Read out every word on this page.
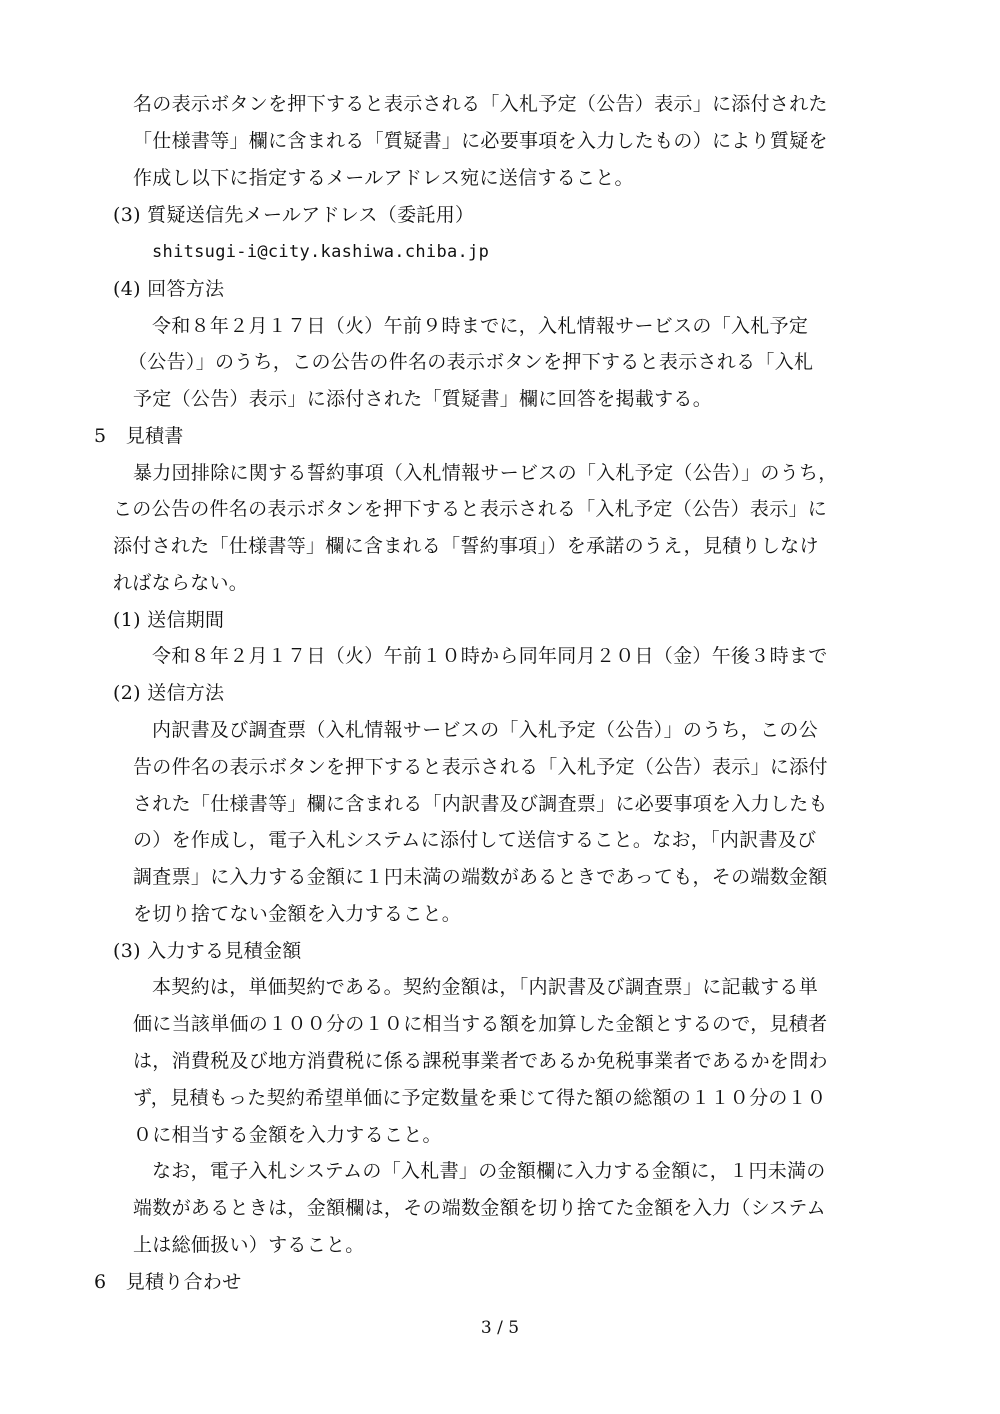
名の表示ボタンを押下すると表示される「入札予定（公告）表示」に添付された
「仕様書等」欄に含まれる「質疑書」に必要事項を入力したもの）により質疑を
作成し以下に指定するメールアドレス宛に送信すること。
(3) 質疑送信先メールアドレス（委託用）
shitsugi-i@city.kashiwa.chiba.jp
(4) 回答方法
令和８年２月１７日（火）午前９時までに，入札情報サービスの「入札予定
（公告）」のうち，この公告の件名の表示ボタンを押下すると表示される「入札
予定（公告）表示」に添付された「質疑書」欄に回答を掲載する。
5　見積書
暴力団排除に関する誓約事項（入札情報サービスの「入札予定（公告）」のうち，
この公告の件名の表示ボタンを押下すると表示される「入札予定（公告）表示」に
添付された「仕様書等」欄に含まれる「誓約事項」）を承諾のうえ，見積りしなけ
ればならない。
(1) 送信期間
令和８年２月１７日（火）午前１０時から同年同月２０日（金）午後３時まで
(2) 送信方法
内訳書及び調査票（入札情報サービスの「入札予定（公告）」のうち，この公
告の件名の表示ボタンを押下すると表示される「入札予定（公告）表示」に添付
された「仕様書等」欄に含まれる「内訳書及び調査票」に必要事項を入力したも
の）を作成し，電子入札システムに添付して送信すること。なお，「内訳書及び
調査票」に入力する金額に１円未満の端数があるときであっても，その端数金額
を切り捨てない金額を入力すること。
(3) 入力する見積金額
本契約は，単価契約である。契約金額は，「内訳書及び調査票」に記載する単
価に当該単価の１００分の１０に相当する額を加算した金額とするので，見積者
は，消費税及び地方消費税に係る課税事業者であるか免税事業者であるかを問わ
ず，見積もった契約希望単価に予定数量を乗じて得た額の総額の１１０分の１０
０に相当する金額を入力すること。
なお，電子入札システムの「入札書」の金額欄に入力する金額に，１円未満の
端数があるときは，金額欄は，その端数金額を切り捨てた金額を入力（システム
上は総価扱い）すること。
6　見積り合わせ
3 / 5
